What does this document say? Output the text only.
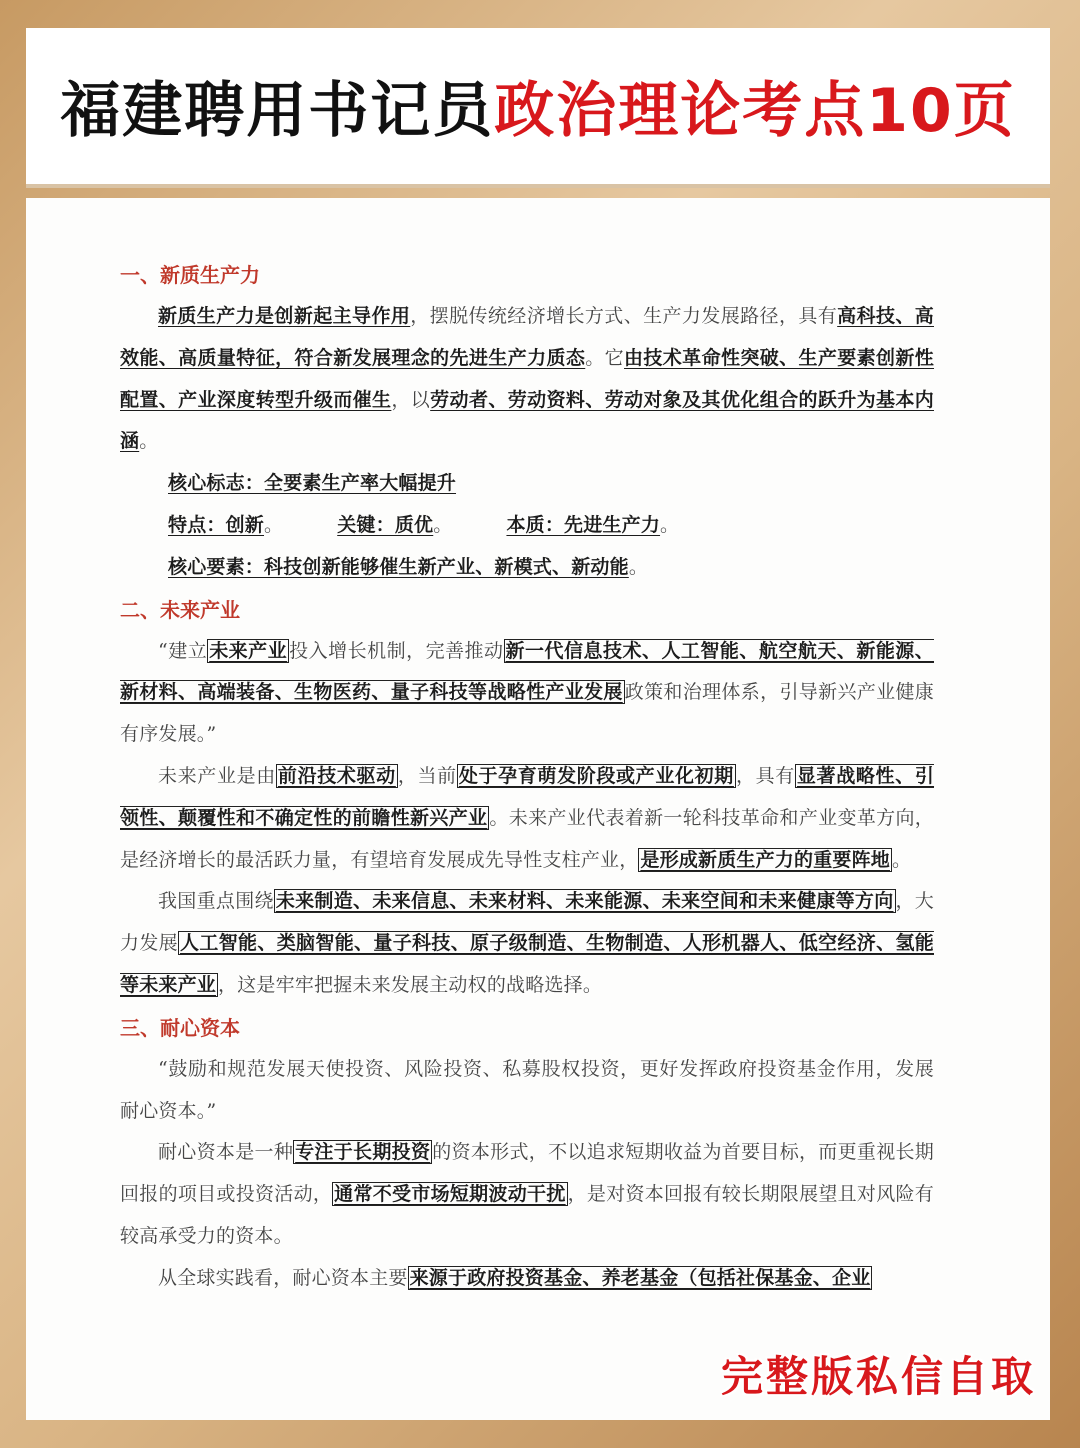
福建聘用书记员 政治理论考点10页
一、新质生产力

新质生产力是创新起主导作用，摆脱传统经济增长方式、生产力发展路径，具有高科技、高效能、高质量特征，符合新发展理念的先进生产力质态。它由技术革命性突破、生产要素创新性配置、产业深度转型升级而催生，以劳动者、劳动资料、劳动对象及其优化组合的跃升为基本内涵。

核心标志：全要素生产率大幅提升

特点：创新。	关键：质优。	本质：先进生产力。

核心要素：科技创新能够催生新产业、新模式、新动能。

二、未来产业

“建立 未来产业 投入增长机制，完善推动 新一代信息技术、人工智能、航空航天、新能源、新材料、高端装备、生物医药、量子科技等战略性产业发展 政策和治理体系，引导新兴产业健康有序发展。”

未来产业是由 前沿技术驱动 ，当前 处于孕育萌发阶段或产业化初期 ，具有 显著战略性、引领性、颠覆性和不确定性的前瞻性新兴产业 。未来产业代表着新一轮科技革命和产业变革方向，是经济增长的最活跃力量，有望培育发展成先导性支柱产业， 是形成新质生产力的重要阵地 。

我国重点围绕 未来制造、未来信息、未来材料、未来能源、未来空间和未来健康等方向 ，大力发展 人工智能、类脑智能、量子科技、原子级制造、生物制造、人形机器人、低空经济、氢能等未来产业 ，这是牢牢把握未来发展主动权的战略选择。

三、耐心资本

“鼓励和规范发展天使投资、风险投资、私募股权投资，更好发挥政府投资基金作用，发展耐心资本。”

耐心资本是一种 专注于长期投资 的资本形式，不以追求短期收益为首要目标，而更重视长期回报的项目或投资活动， 通常不受市场短期波动干扰 ，是对资本回报有较长期限展望且对风险有较高承受力的资本。

从全球实践看，耐心资本主要 来源于政府投资基金、养老基金（包括社保基金、企业

完整版私信自取
